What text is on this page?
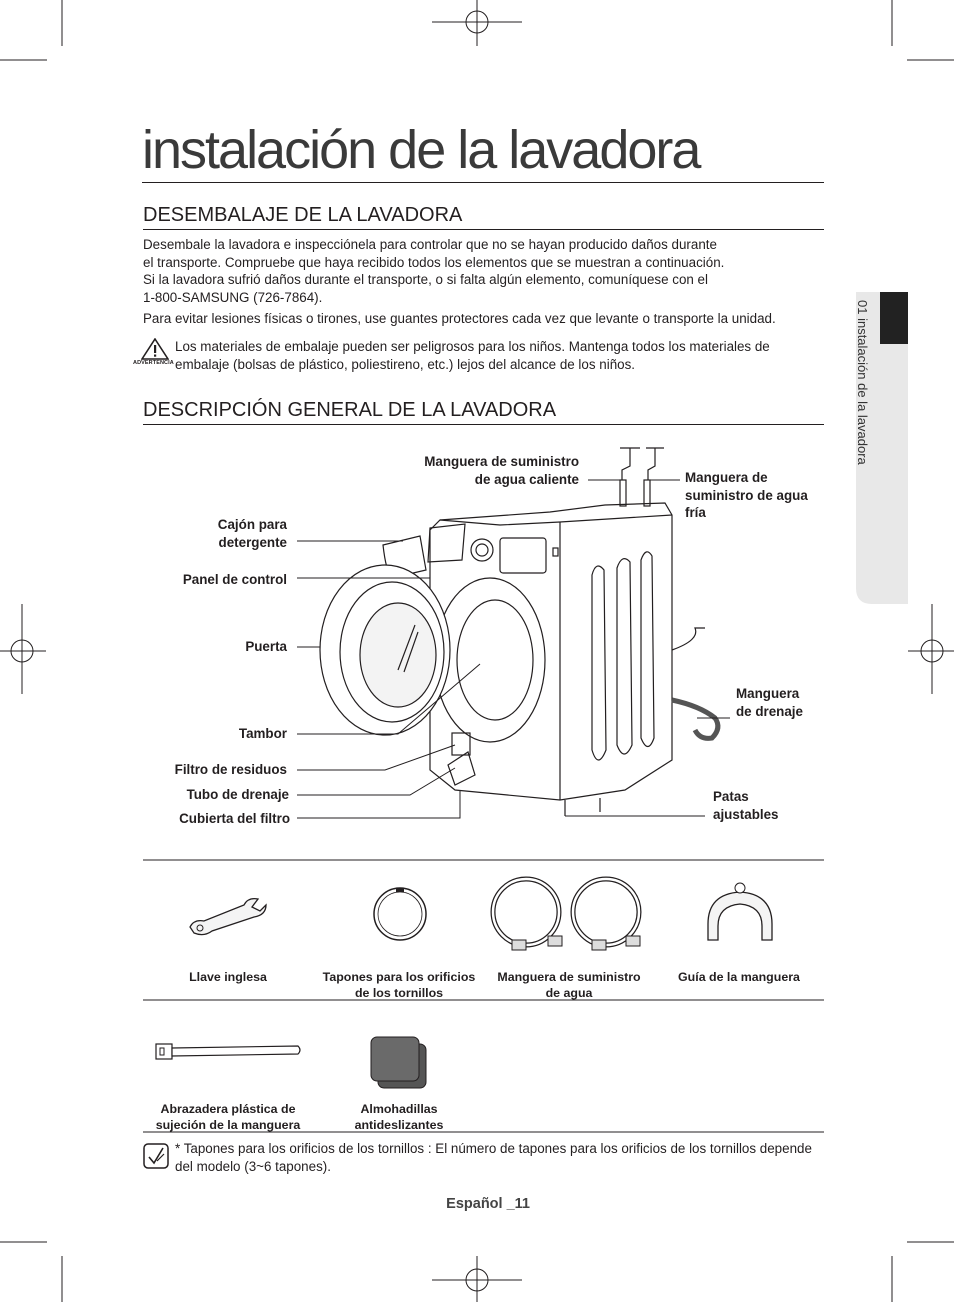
01 instalación de la lavadora
instalación de la lavadora
DESEMBALAJE DE LA LAVADORA

Desembale la lavadora e inspecciónela para controlar que no se hayan producido daños durante

el transporte. Compruebe que haya recibido todos los elementos que se muestran a continuación.

Si la lavadora sufrió daños durante el transporte, o si falta algún elemento, comuníquese con el

1-800-SAMSUNG (726-7864).

Para evitar lesiones físicas o tirones, use guantes protectores cada vez que levante o transporte la unidad.

ADVERTENCIA
Los materiales de embalaje pueden ser peligrosos para los niños. Mantenga todos los materiales de embalaje (bolsas de plástico, poliestireno, etc.) lejos del alcance de los niños.
DESCRIPCIÓN GENERAL DE LA LAVADORA
Manguera de suministro
de agua caliente	Manguera de
suministro de agua
fría
Cajón para
detergente
Panel de control
Puerta
Manguera
de drenaje
Tambor
Filtro de residuos
Tubo de drenaje
Cubierta del filtro
Patas
ajustables
Llave inglesa	Tapones para los orificios
de los tornillos
Manguera de suministro
de agua
Guía de la manguera
Abrazadera plástica de
sujeción de la manguera
Almohadillas
antideslizantes
* Tapones para los orificios de los tornillos : El número de tapones para los orificios de los tornillos depende del modelo (3~6 tapones).
Español _11
